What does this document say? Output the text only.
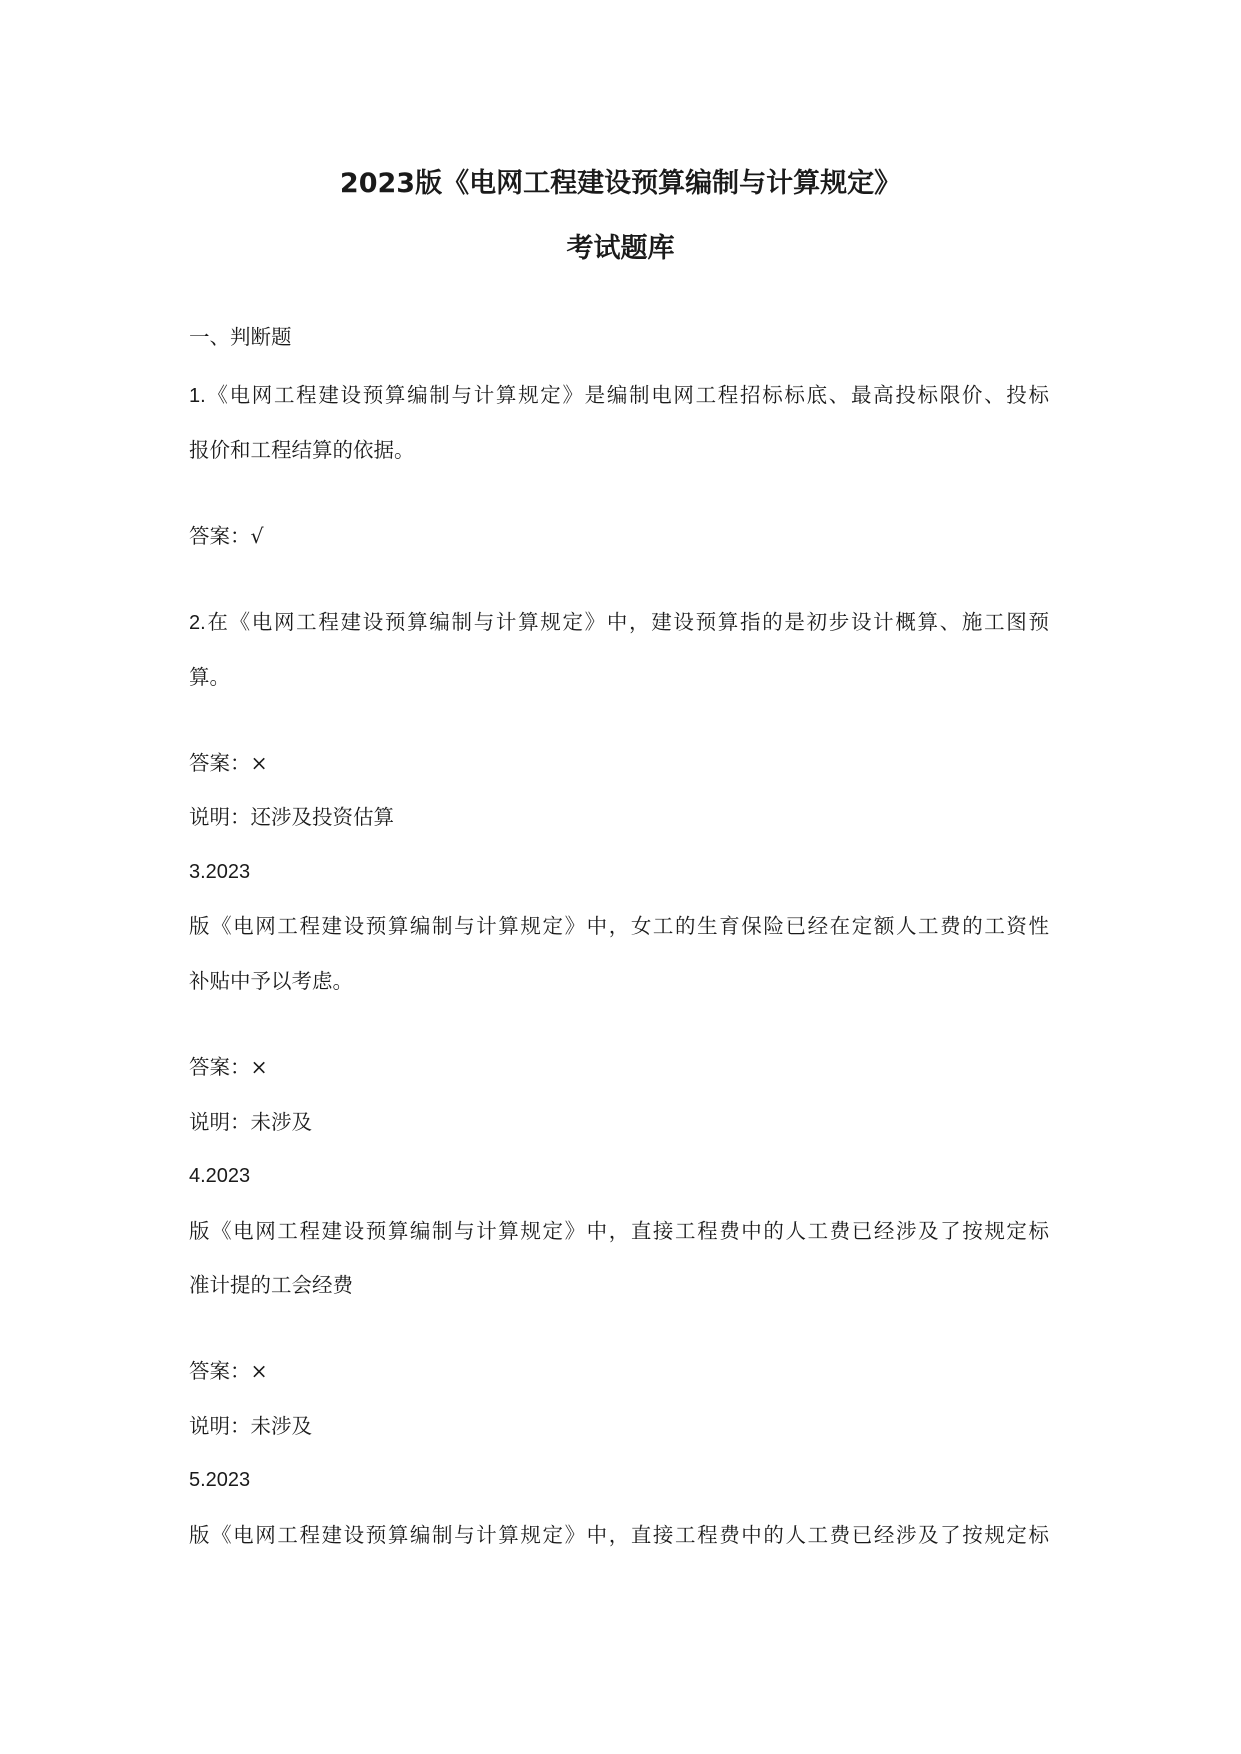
2023版《电网工程建设预算编制与计算规定》
考试题库
一、判断题
1.《电网工程建设预算编制与计算规定》是编制电网工程招标标底、最高投标限价、投标
报价和工程结算的依据。
答案：√
2.在《电网工程建设预算编制与计算规定》中，建设预算指的是初步设计概算、施工图预
算。
答案：×
说明：还涉及投资估算
3.2023
版《电网工程建设预算编制与计算规定》中，女工的生育保险已经在定额人工费的工资性
补贴中予以考虑。
答案：×
说明：未涉及
4.2023
版《电网工程建设预算编制与计算规定》中，直接工程费中的人工费已经涉及了按规定标
准计提的工会经费
答案：×
说明：未涉及
5.2023
版《电网工程建设预算编制与计算规定》中，直接工程费中的人工费已经涉及了按规定标
